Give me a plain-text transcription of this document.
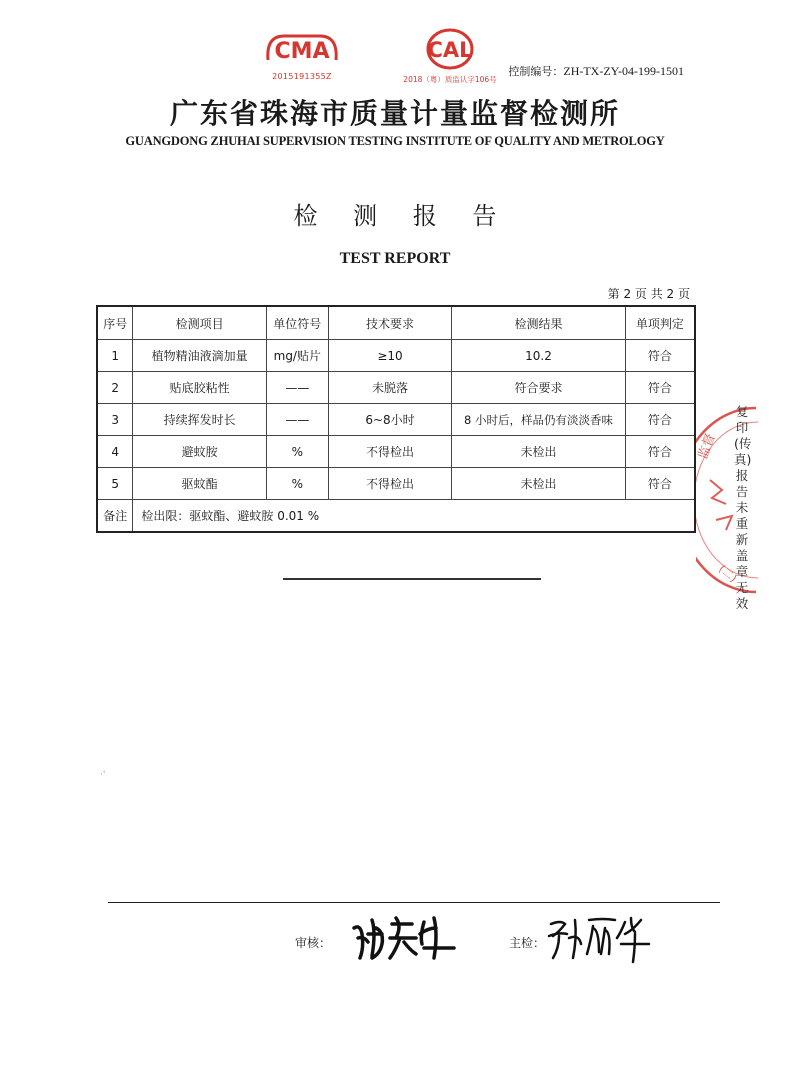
CMA
2015191355Z
CAL
2018（粤）质监认字106号
控制编号：ZH-TX-ZY-04-199-1501
广东省珠海市质量计量监督检测所
GUANGDONG ZHUHAI SUPERVISION TESTING INSTITUTE OF QUALITY AND METROLOGY
检 测 报 告
TEST REPORT
第 2 页 共 2 页
序号	检测项目	单位符号	技术要求	检测结果	单项判定
1	植物精油液滴加量	mg/贴片	≥10	10.2	符合
2	贴底胶粘性	——	未脱落	符合要求	符合
3	持续挥发时长	——	6~8小时	8 小时后，样品仍有淡淡香味	符合
4	避蚊胺	%	不得检出	未检出	符合
5	驱蚊酯	%	不得检出	未检出	符合
备注	检出限：驱蚊酯、避蚊胺 0.01 %				
监督
(二)
复印(传真)报告未重新盖章无效
审核：	主检：
·'
